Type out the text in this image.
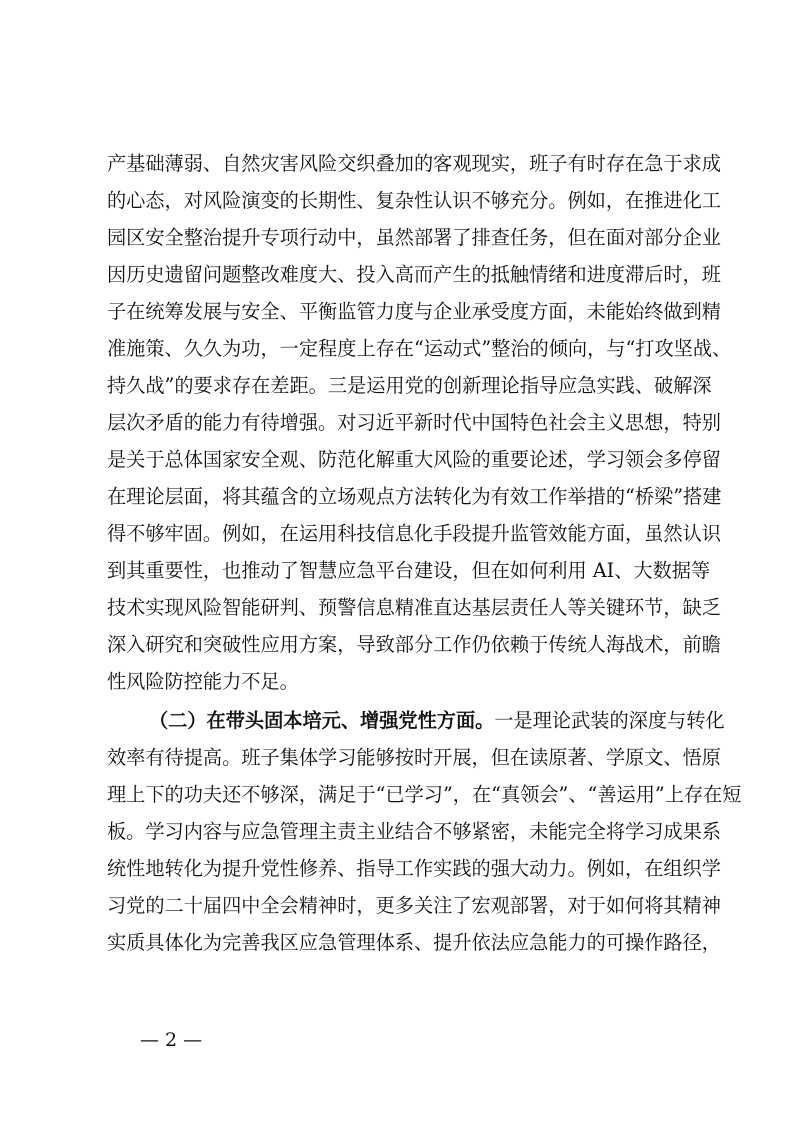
产基础薄弱、自然灾害风险交织叠加的客观现实，班子有时存在急于求成
的心态，对风险演变的长期性、复杂性认识不够充分。例如，在推进化工
园区安全整治提升专项行动中，虽然部署了排查任务，但在面对部分企业
因历史遗留问题整改难度大、投入高而产生的抵触情绪和进度滞后时，班
子在统筹发展与安全、平衡监管力度与企业承受度方面，未能始终做到精
准施策、久久为功，一定程度上存在“运动式”整治的倾向，与“打攻坚战、
持久战”的要求存在差距。三是运用党的创新理论指导应急实践、破解深
层次矛盾的能力有待增强。对习近平新时代中国特色社会主义思想，特别
是关于总体国家安全观、防范化解重大风险的重要论述，学习领会多停留
在理论层面，将其蕴含的立场观点方法转化为有效工作举措的“桥梁”搭建
得不够牢固。例如，在运用科技信息化手段提升监管效能方面，虽然认识
到其重要性，也推动了智慧应急平台建设，但在如何利用 AI、大数据等
技术实现风险智能研判、预警信息精准直达基层责任人等关键环节，缺乏
深入研究和突破性应用方案，导致部分工作仍依赖于传统人海战术，前瞻
性风险防控能力不足。
（二）在带头固本培元、增强党性方面。一是理论武装的深度与转化
效率有待提高。班子集体学习能够按时开展，但在读原著、学原文、悟原
理上下的功夫还不够深，满足于“已学习”，在“真领会”、“善运用”上存在短
板。学习内容与应急管理主责主业结合不够紧密，未能完全将学习成果系
统性地转化为提升党性修养、指导工作实践的强大动力。例如，在组织学
习党的二十届四中全会精神时，更多关注了宏观部署，对于如何将其精神
实质具体化为完善我区应急管理体系、提升依法应急能力的可操作路径，
— 2 —
